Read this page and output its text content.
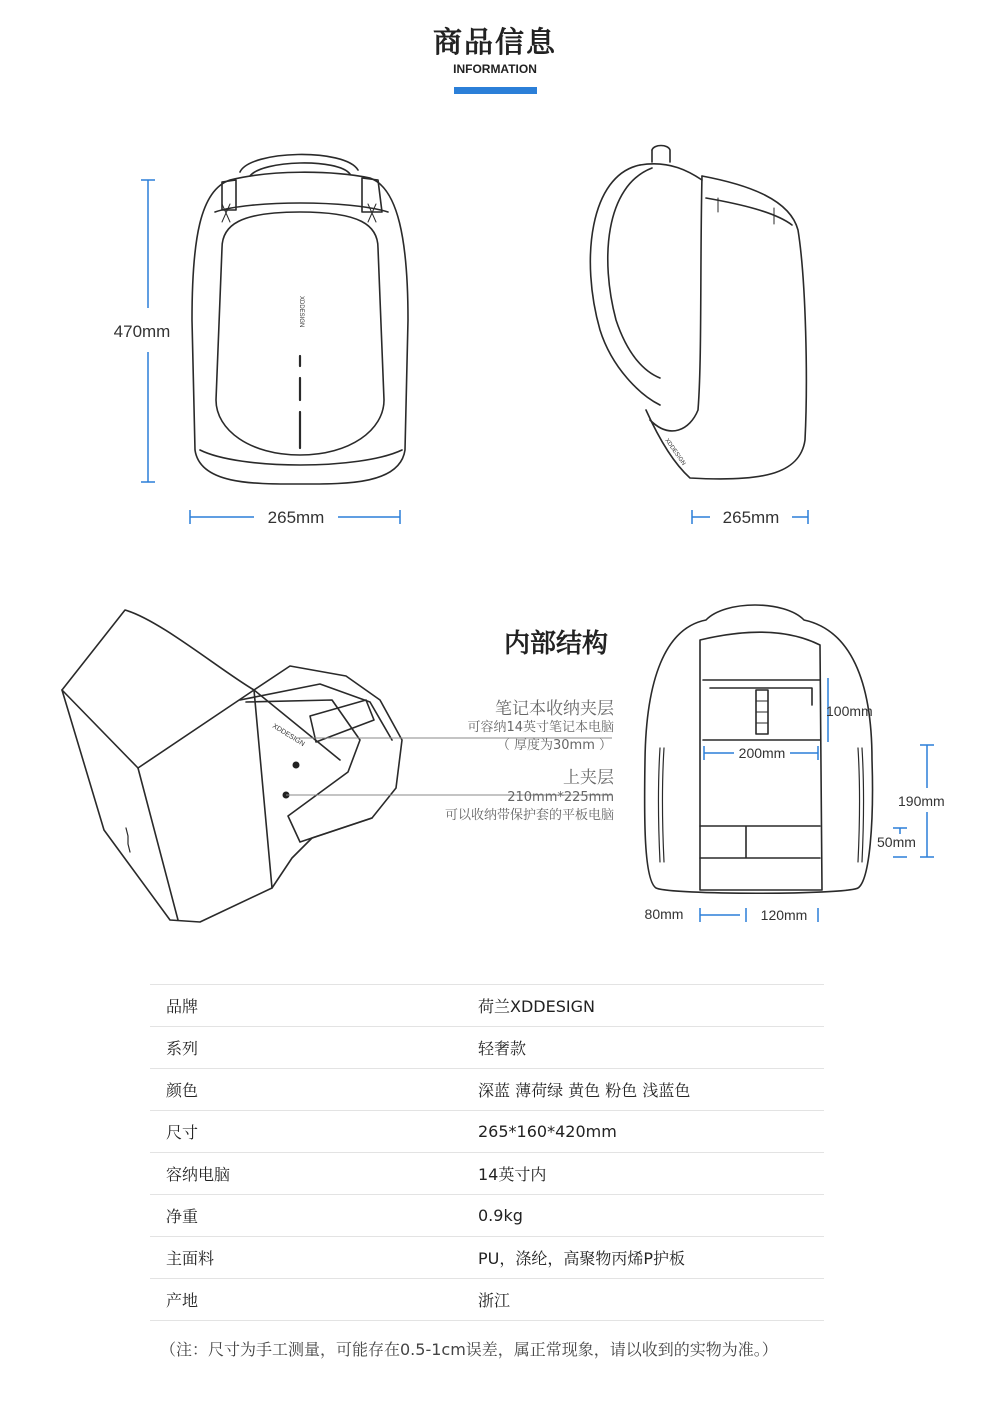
商品信息
INFORMATION
XDDESIGN
XDDESIGN
XDDESIGN
470mm
265mm	265mm
内部结构
笔记本收纳夹层
可容纳14英寸笔记本电脑
（ 厚度为30mm ）
上夹层
210mm*225mm
可以收纳带保护套的平板电脑
100mm
200mm
190mm
50mm
80mm	120mm
品牌	荷兰XDDESIGN
系列	轻奢款
颜色	深蓝 薄荷绿 黄色 粉色 浅蓝色
尺寸	265*160*420mm
容纳电脑	14英寸内
净重	0.9kg
主面料	PU，涤纶，高聚物丙烯P护板
产地	浙江
（注：尺寸为手工测量，可能存在0.5-1cm误差，属正常现象，请以收到的实物为准。）
